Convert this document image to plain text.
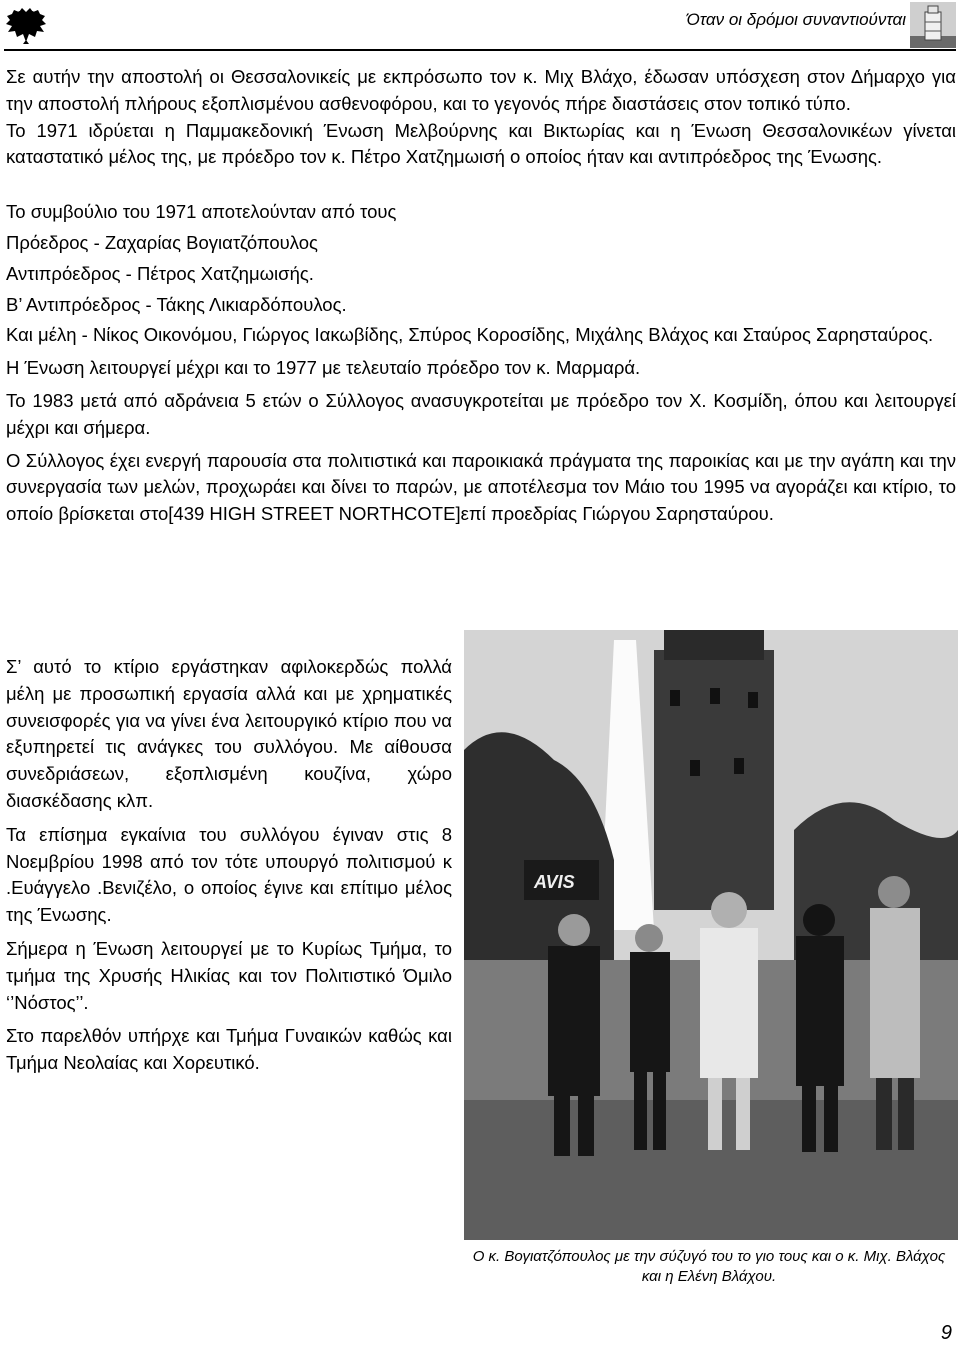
Όταν οι δρόμοι συναντιούνται

Σε αυτήν την αποστολή οι Θεσσαλονικείς με εκπρόσωπο τον κ. Μιχ Βλάχο, έδωσαν υπόσχεση στον Δήμαρχο για την αποστολή πλήρους εξοπλισμένου ασθενοφόρου, και το γεγονός πήρε διαστάσεις στον τοπικό τύπο.

Το 1971 ιδρύεται η Παμμακεδονική Ένωση Μελβούρνης και Βικτωρίας και η Ένωση Θεσσαλονικέων γίνεται καταστατικό μέλος της, με πρόεδρο τον κ. Πέτρο Χατζημωισή ο οποίος ήταν και αντιπρόεδρος της Ένωσης.

Το συμβούλιο του 1971 αποτελούνταν από τους

Πρόεδρος - Ζαχαρίας Βογιατζόπουλος

Αντιπρόεδρος - Πέτρος Χατζημωισής.

Β’ Αντιπρόεδρος - Τάκης Λικιαρδόπουλος.

Και μέλη - Νίκος Οικονόμου, Γιώργος Ιακωβίδης, Σπύρος Κοροσίδης, Μιχάλης Βλάχος και Σταύρος Σαρησταύρος.

Η Ένωση λειτουργεί μέχρι και το 1977 με τελευταίο πρόεδρο τον κ. Μαρμαρά.

Το 1983 μετά από αδράνεια 5 ετών ο Σύλλογος ανασυγκροτείται με πρόεδρο τον Χ. Κοσμίδη, όπου και λειτουργεί μέχρι και σήμερα.

Ο Σύλλογος έχει ενεργή παρουσία στα πολιτιστικά και παροικιακά πράγματα της παροικίας και με την αγάπη και την συνεργασία των μελών, προχωράει και δίνει το παρών, με αποτέλεσμα τον Μάιο του 1995 να αγοράζει και κτίριο, το οποίο βρίσκεται στο[439 HIGH STREET NORTHCOTE]επί προεδρίας Γιώργου Σαρησταύρου.

Σ’ αυτό το κτίριο εργάστηκαν αφιλοκερδώς πολλά μέλη με προσωπική εργασία αλλά και με χρηματικές συνεισφορές για να γίνει ένα λειτουργικό κτίριο που να εξυπηρετεί τις ανάγκες του συλλόγου. Με αίθουσα συνεδριάσεων, εξοπλισμένη κουζίνα, χώρο διασκέδασης κλπ.

Τα επίσημα εγκαίνια του συλλόγου έγιναν στις 8 Νοεμβρίου 1998 από τον τότε υπουργό πολιτισμού κ .Ευάγγελο .Βενιζέλο, ο οποίος έγινε και επίτιμο μέλος της Ένωσης.

Σήμερα η Ένωση λειτουργεί με το Κυρίως Τμήμα, το τμήμα της Χρυσής Ηλικίας και τον Πολιτιστικό Όμιλο ‘’Νόστος’’.

Στο παρελθόν υπήρχε και Τμήμα Γυναικών καθώς και Τμήμα Νεολαίας και Χορευτικό.

AVIS
Ο κ. Βογιατζόπουλος με την σύζυγό του το γιο τους και ο κ. Μιχ. Βλάχος και η Ελένη Βλάχου.
9
